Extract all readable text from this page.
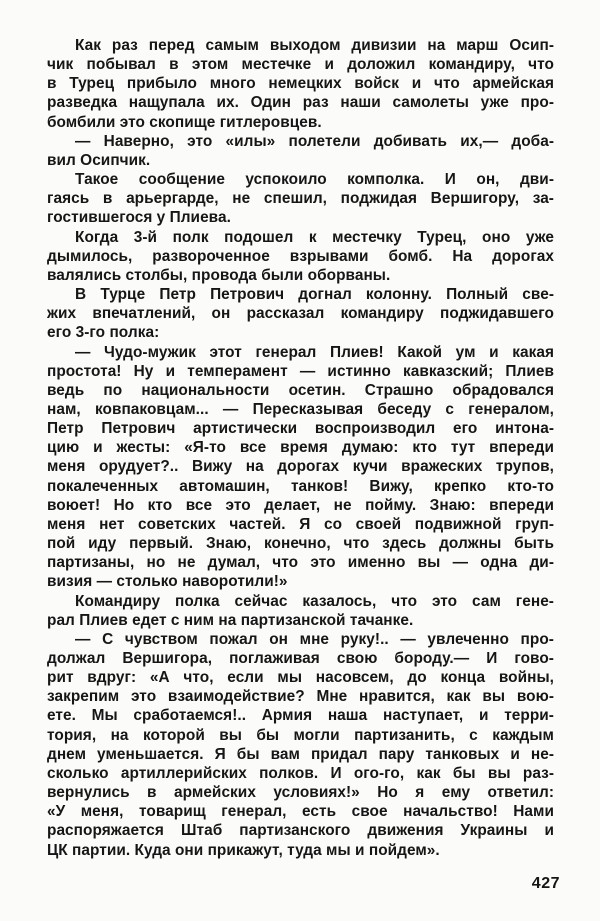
Как раз перед самым выходом дивизии на марш Осип-
чик побывал в этом местечке и доложил командиру, что
в Турец прибыло много немецких войск и что армейская
разведка нащупала их. Один раз наши самолеты уже про-
бомбили это скопище гитлеровцев.
— Наверно, это «илы» полетели добивать их,— доба-
вил Осипчик.
Такое сообщение успокоило комполка. И он, дви-
гаясь в арьергарде, не спешил, поджидая Вершигору, за-
гостившегося у Плиева.
Когда 3-й полк подошел к местечку Турец, оно уже
дымилось, развороченное взрывами бомб. На дорогах
валялись столбы, провода были оборваны.
В Турце Петр Петрович догнал колонну. Полный све-
жих впечатлений, он рассказал командиру поджидавшего
его 3-го полка:
— Чудо-мужик этот генерал Плиев! Какой ум и какая
простота! Ну и темперамент — истинно кавказский; Плиев
ведь по национальности осетин. Страшно обрадовался
нам, ковпаковцам... — Пересказывая беседу с генералом,
Петр Петрович артистически воспроизводил его интона-
цию и жесты: «Я-то все время думаю: кто тут впереди
меня орудует?.. Вижу на дорогах кучи вражеских трупов,
покалеченных автомашин, танков! Вижу, крепко кто-то
воюет! Но кто все это делает, не пойму. Знаю: впереди
меня нет советских частей. Я со своей подвижной груп-
пой иду первый. Знаю, конечно, что здесь должны быть
партизаны, но не думал, что это именно вы — одна ди-
визия — столько наворотили!»
Командиру полка сейчас казалось, что это сам гене-
рал Плиев едет с ним на партизанской тачанке.
— С чувством пожал он мне руку!.. — увлеченно про-
должал Вершигора, поглаживая свою бороду.— И гово-
рит вдруг: «А что, если мы насовсем, до конца войны,
закрепим это взаимодействие? Мне нравится, как вы вою-
ете. Мы сработаемся!.. Армия наша наступает, и терри-
тория, на которой вы бы могли партизанить, с каждым
днем уменьшается. Я бы вам придал пару танковых и не-
сколько артиллерийских полков. И ого-го, как бы вы раз-
вернулись в армейских условиях!» Но я ему ответил:
«У меня, товарищ генерал, есть свое начальство! Нами
распоряжается Штаб партизанского движения Украины и
ЦК партии. Куда они прикажут, туда мы и пойдем».
427
